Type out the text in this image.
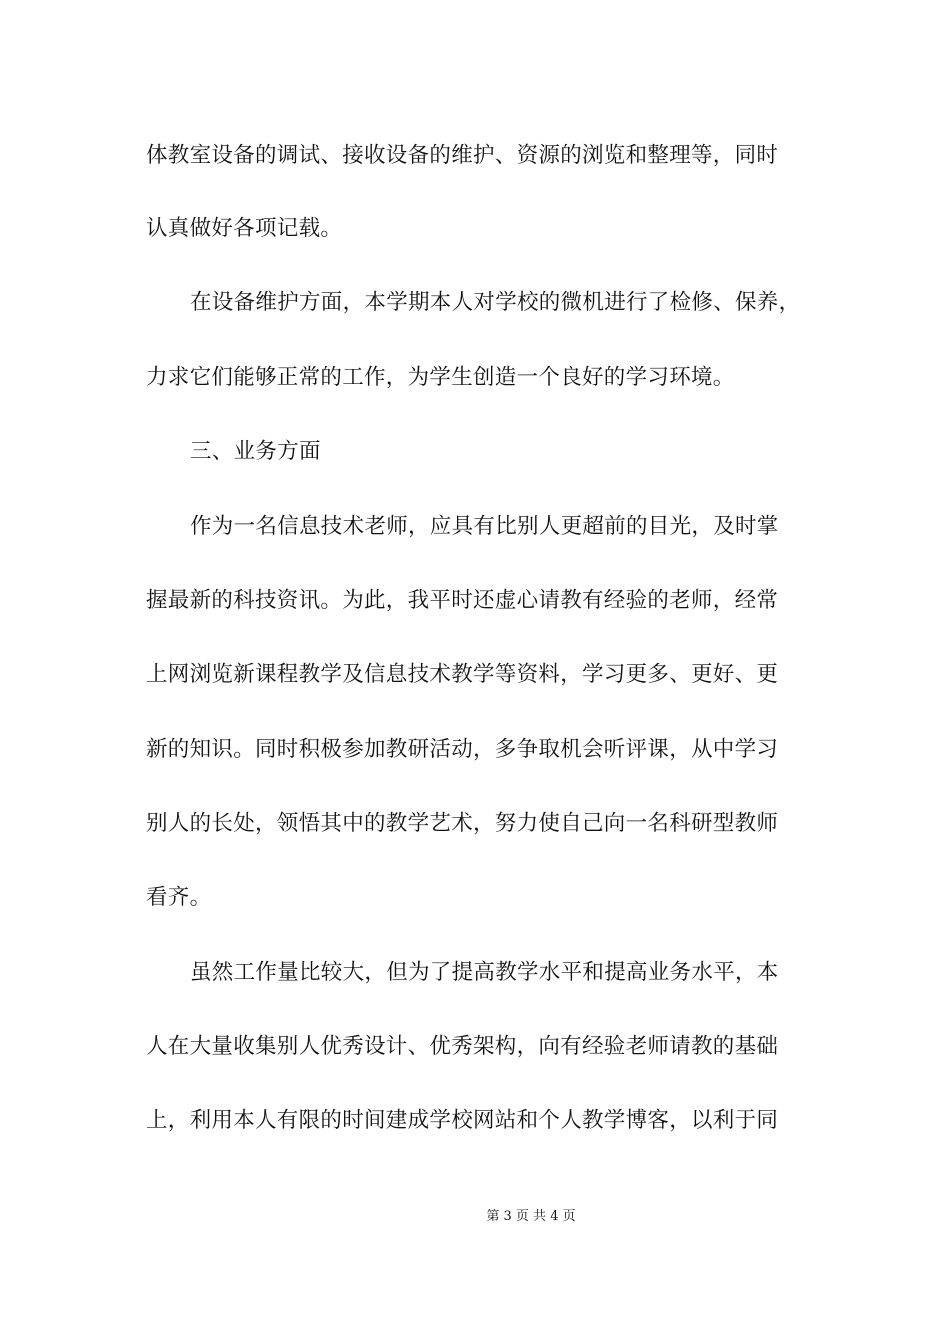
体教室设备的调试、接收设备的维护、资源的浏览和整理等，同时
认真做好各项记载。
在设备维护方面，本学期本人对学校的微机进行了检修、保养，
力求它们能够正常的工作，为学生创造一个良好的学习环境。
三、业务方面
作为一名信息技术老师，应具有比别人更超前的目光，及时掌
握最新的科技资讯。为此，我平时还虚心请教有经验的老师，经常
上网浏览新课程教学及信息技术教学等资料，学习更多、更好、更
新的知识。同时积极参加教研活动，多争取机会听评课，从中学习
别人的长处，领悟其中的教学艺术，努力使自己向一名科研型教师
看齐。
虽然工作量比较大，但为了提高教学水平和提高业务水平，本
人在大量收集别人优秀设计、优秀架构，向有经验老师请教的基础
上，利用本人有限的时间建成学校网站和个人教学博客，以利于同
第 3 页 共 4 页
